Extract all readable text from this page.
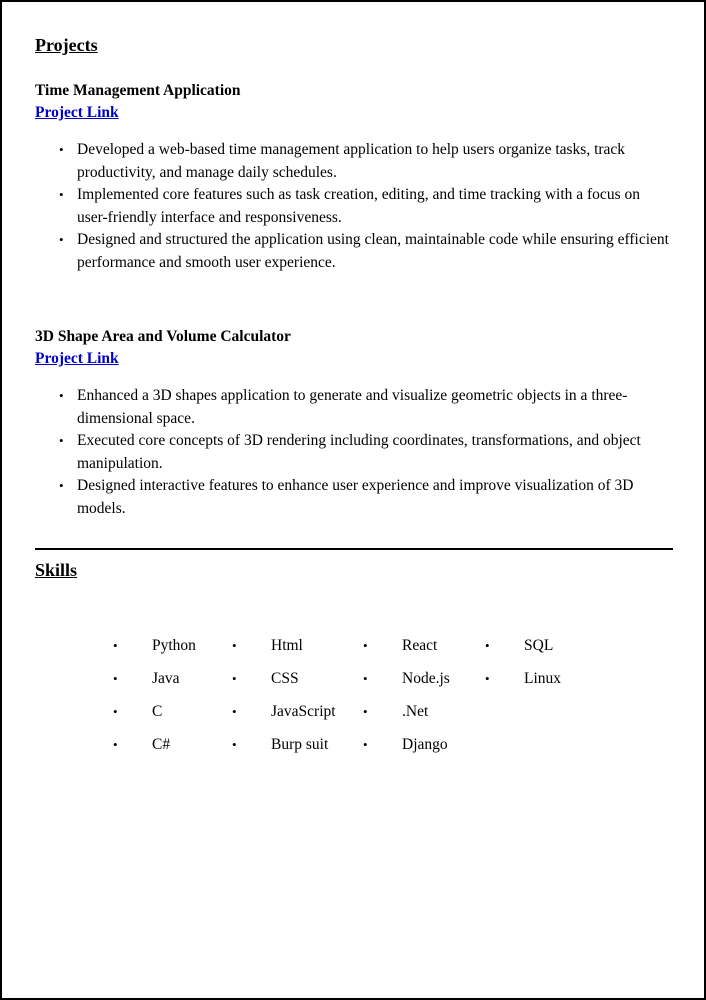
Projects
Time Management Application
Project Link
• Developed a web-based time management application to help users organize tasks, track productivity, and manage daily schedules.
• Implemented core features such as task creation, editing, and time tracking with a focus on user-friendly interface and responsiveness.
• Designed and structured the application using clean, maintainable code while ensuring efficient performance and smooth user experience.
3D Shape Area and Volume Calculator
Project Link
• Enhanced a 3D shapes application to generate and visualize geometric objects in a three-dimensional space.
• Executed core concepts of 3D rendering including coordinates, transformations, and object manipulation.
• Designed interactive features to enhance user experience and improve visualization of 3D models.
Skills
•	Python	•	Html	•	React	•	SQL
•	Java	•	CSS	•	Node.js	•	Linux
•	C	•	JavaScript •	.Net
•	C#	•	Burp suit	•	Django
